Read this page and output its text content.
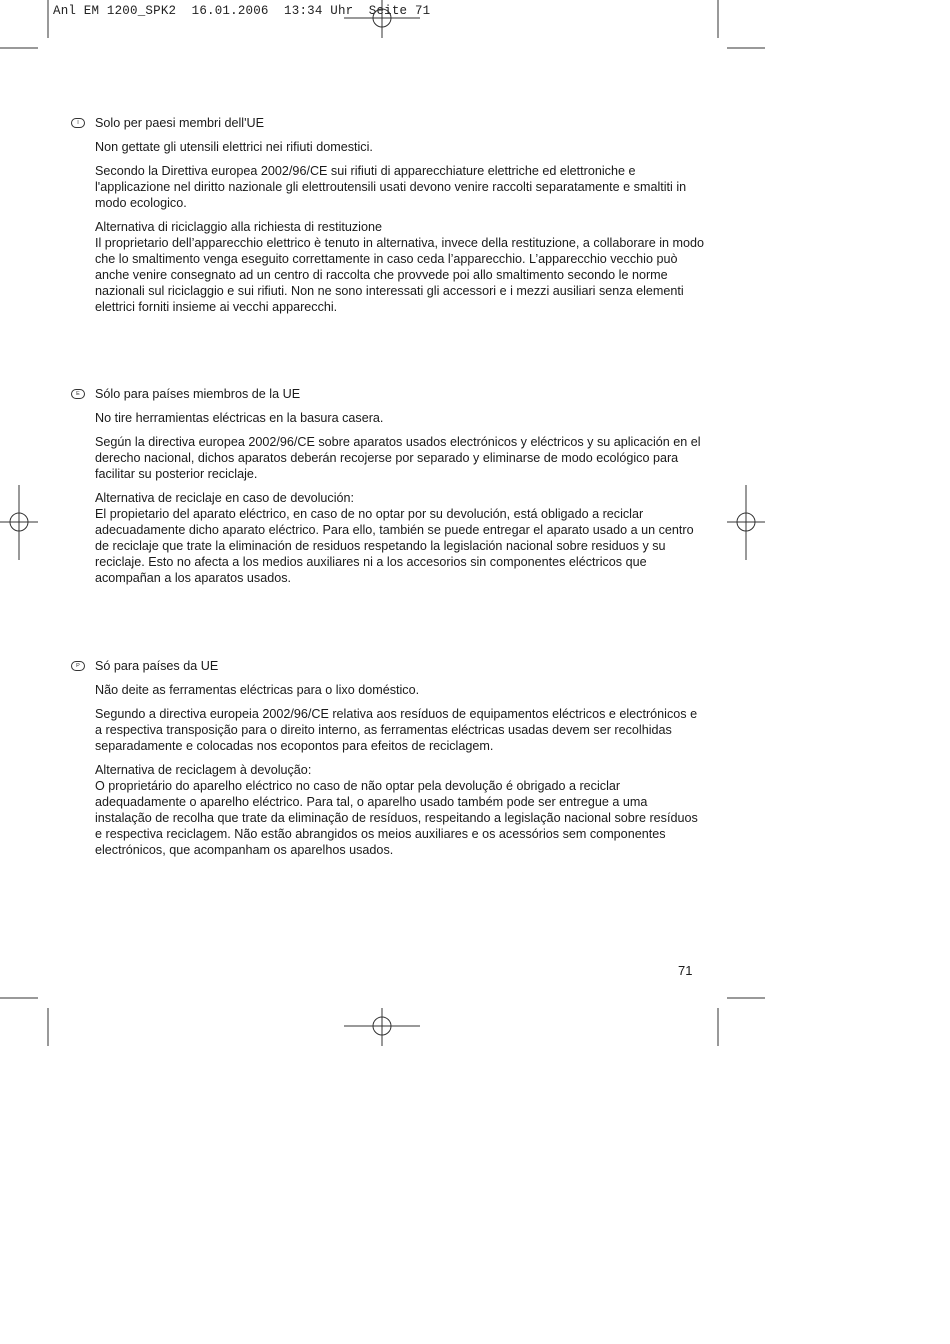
Anl EM 1200_SPK2  16.01.2006  13:34 Uhr  Seite 71
I	Solo per paesi membri dell'UE

Non gettate gli utensili elettrici nei rifiuti domestici.

Secondo la Direttiva europea 2002/96/CE sui rifiuti di apparecchiature elettriche ed elettroniche e l'applicazione nel diritto nazionale gli elettroutensili usati devono venire raccolti separatamente e smaltiti in modo ecologico.

Alternativa di riciclaggio alla richiesta di restituzione

Il proprietario dell’apparecchio elettrico è tenuto in alternativa, invece della restituzione, a collaborare in modo che lo smaltimento venga eseguito correttamente in caso ceda l’apparecchio. L’apparecchio vecchio può anche venire consegnato ad un centro di raccolta che provvede poi allo smaltimento secondo le norme nazionali sul riciclaggio e sui rifiuti. Non ne sono interessati gli accessori e i mezzi ausiliari senza elementi elettrici forniti insieme ai vecchi apparecchi.

E	Sólo para países miembros de la UE

No tire herramientas eléctricas en la basura casera.

Según la directiva europea 2002/96/CE sobre aparatos usados electrónicos y eléctricos y su aplicación en el derecho nacional, dichos aparatos deberán recojerse por separado y eliminarse de modo ecológico para facilitar su posterior reciclaje.

Alternativa de reciclaje en caso de devolución:

El propietario del aparato eléctrico, en caso de no optar por su devolución, está obligado a reciclar adecuadamente dicho aparato eléctrico. Para ello, también se puede entregar el aparato usado a un centro de reciclaje que trate la eliminación de residuos respetando la legislación nacional sobre residuos y su reciclaje. Esto no afecta a los medios auxiliares ni a los accesorios sin componentes eléctricos que acompañan a los aparatos usados.

P	Só para países da UE

Não deite as ferramentas eléctricas para o lixo doméstico.

Segundo a directiva europeia 2002/96/CE relativa aos resíduos de equipamentos eléctricos e electrónicos e a respectiva transposição para o direito interno, as ferramentas eléctricas usadas devem ser recolhidas separadamente e colocadas nos ecopontos para efeitos de reciclagem.

Alternativa de reciclagem à devolução:

O proprietário do aparelho eléctrico no caso de não optar pela devolução é obrigado a reciclar adequadamente o aparelho eléctrico. Para tal, o aparelho usado também pode ser entregue a uma instalação de recolha que trate da eliminação de resíduos, respeitando a legislação nacional sobre resíduos e respectiva reciclagem. Não estão abrangidos os meios auxiliares e os acessórios sem componentes electrónicos, que acompanham os aparelhos usados.

71
